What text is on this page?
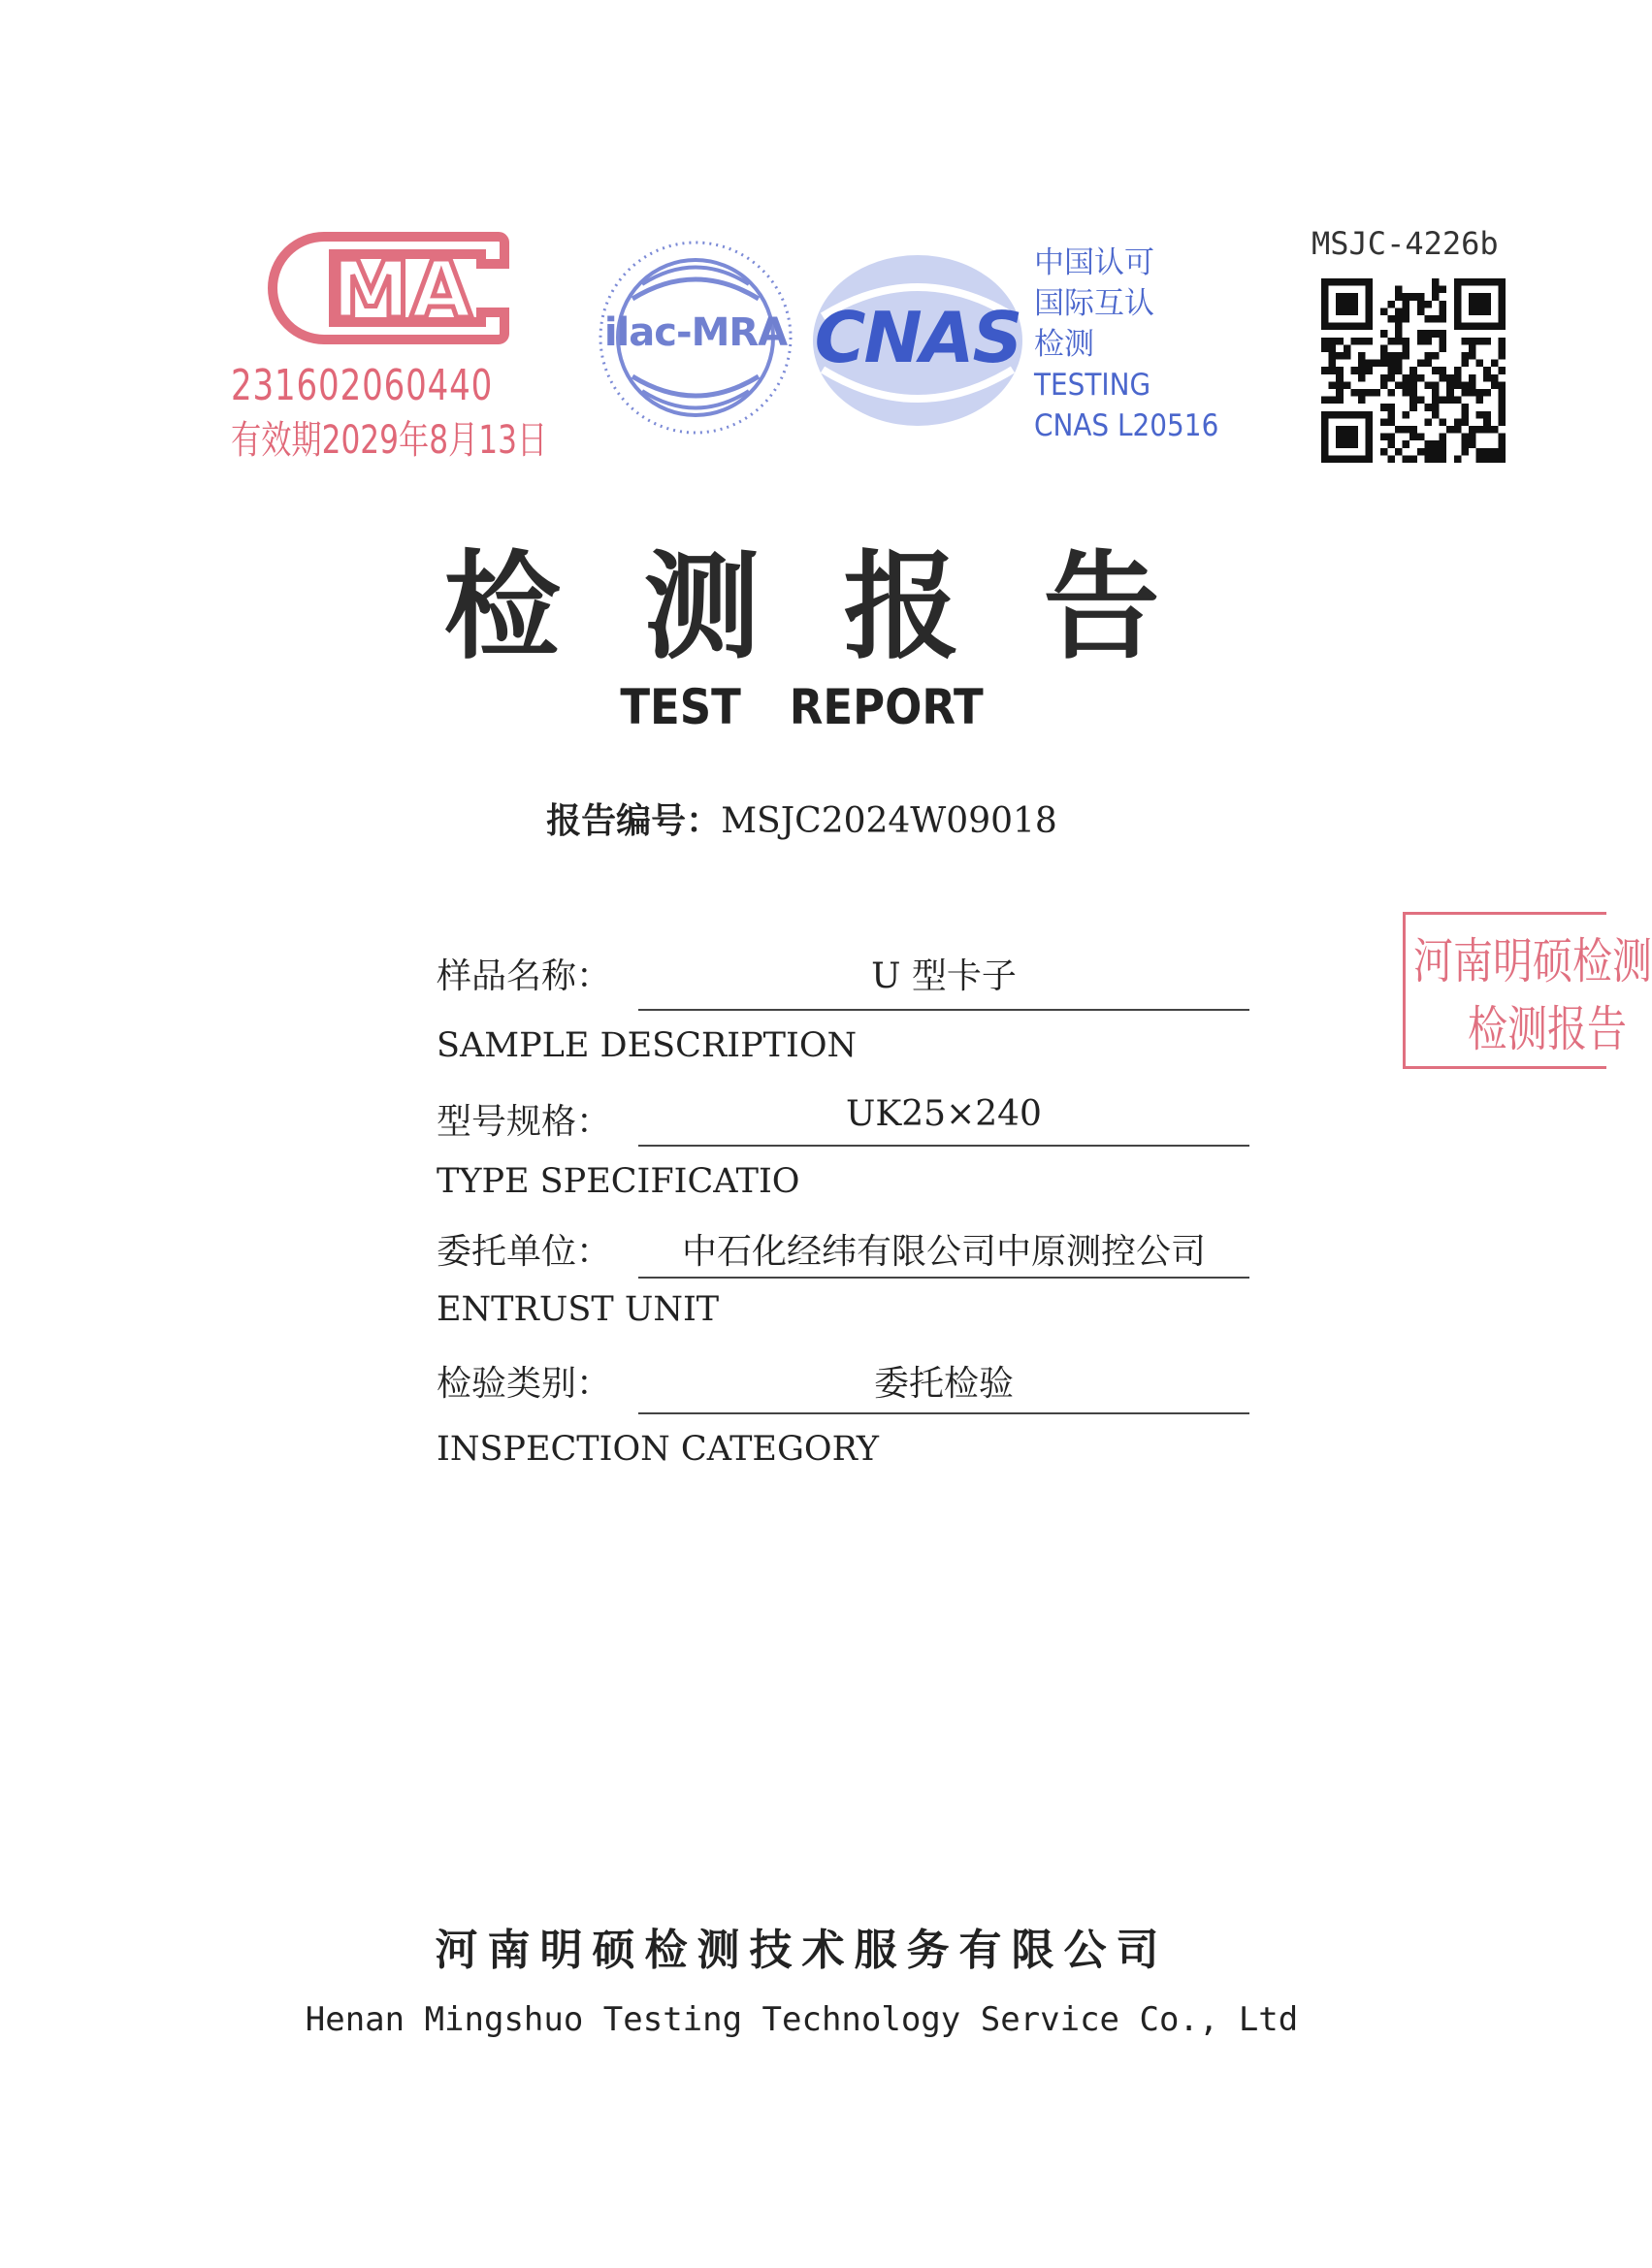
MA
231602060440
有效期2029年8月13日
ilac-MRA CNAS
中国认可
国际互认
检测
TESTING
CNAS L20516
MSJC-4226b
检测报告
TEST REPORT
报告编号：MSJC2024W09018
样品名称：	U 型卡子
SAMPLE DESCRIPTION
型号规格：	UK25×240
TYPE SPECIFICATIO
委托单位：	中石化经纬有限公司中原测控公司
ENTRUST UNIT
检验类别：	委托检验
INSPECTION CATEGORY
河南明硕检测
检测报告
河南明硕检测技术服务有限公司
Henan Mingshuo Testing Technology Service Co., Ltd
